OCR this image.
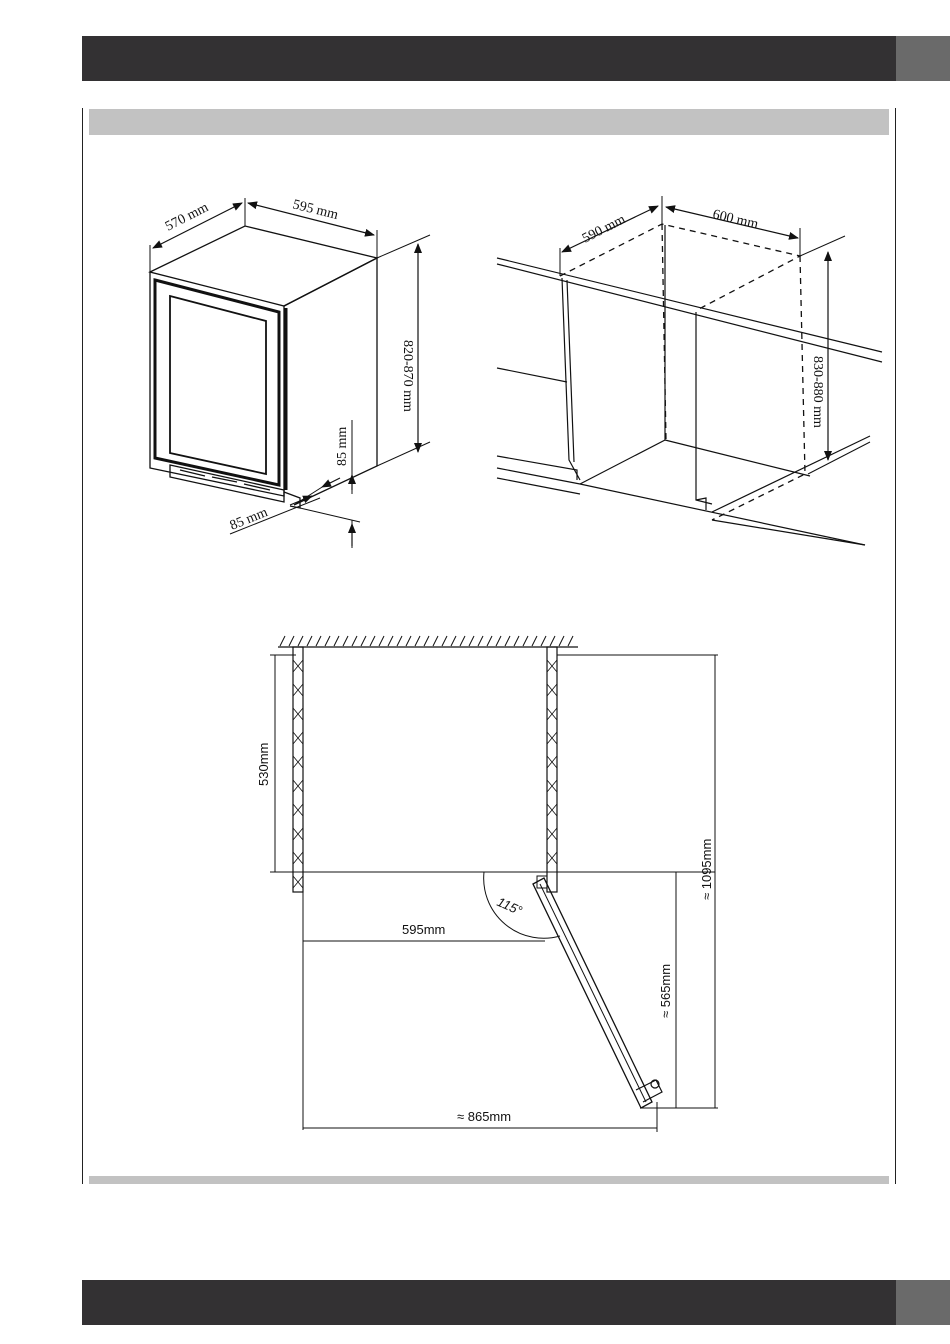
570 mm	595 mm
820-870 mm
85 mm
85 mm
590 mm	600 mm
830-880 mm
530mm
595mm
115°
≈ 565mm
≈ 1095mm
≈ 865mm
